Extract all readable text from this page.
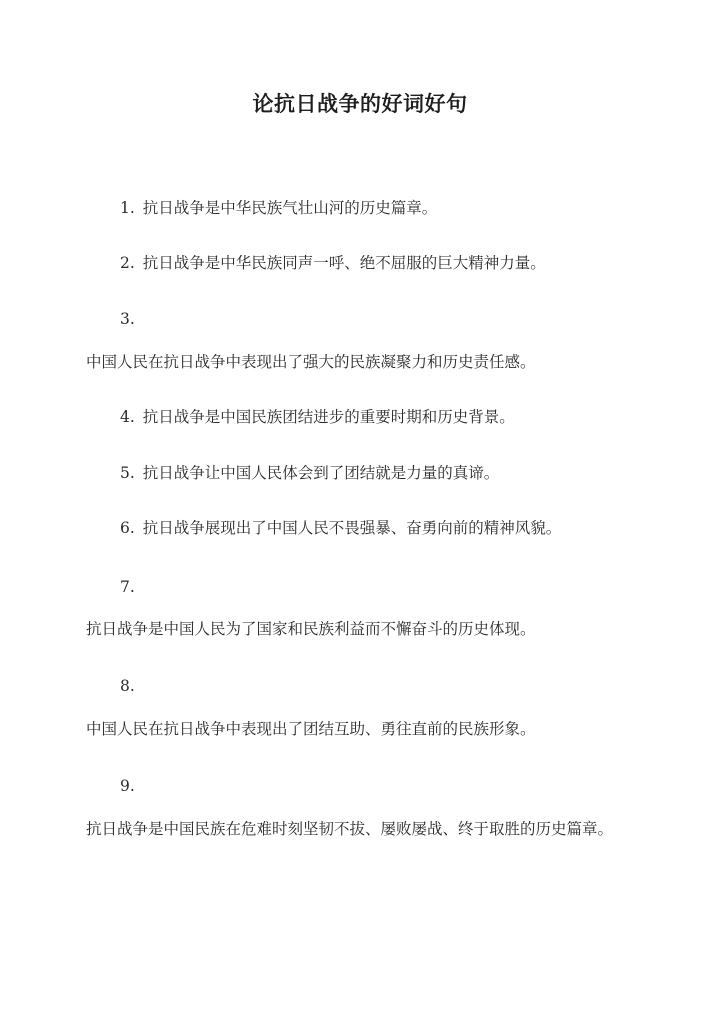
论抗日战争的好词好句
1. 抗日战争是中华民族气壮山河的历史篇章。
2. 抗日战争是中华民族同声一呼、绝不屈服的巨大精神力量。
3.
中国人民在抗日战争中表现出了强大的民族凝聚力和历史责任感。
4. 抗日战争是中国民族团结进步的重要时期和历史背景。
5. 抗日战争让中国人民体会到了团结就是力量的真谛。
6. 抗日战争展现出了中国人民不畏强暴、奋勇向前的精神风貌。
7.
抗日战争是中国人民为了国家和民族利益而不懈奋斗的历史体现。
8.
中国人民在抗日战争中表现出了团结互助、勇往直前的民族形象。
9.
抗日战争是中国民族在危难时刻坚韧不拔、屡败屡战、终于取胜的历史篇章。
